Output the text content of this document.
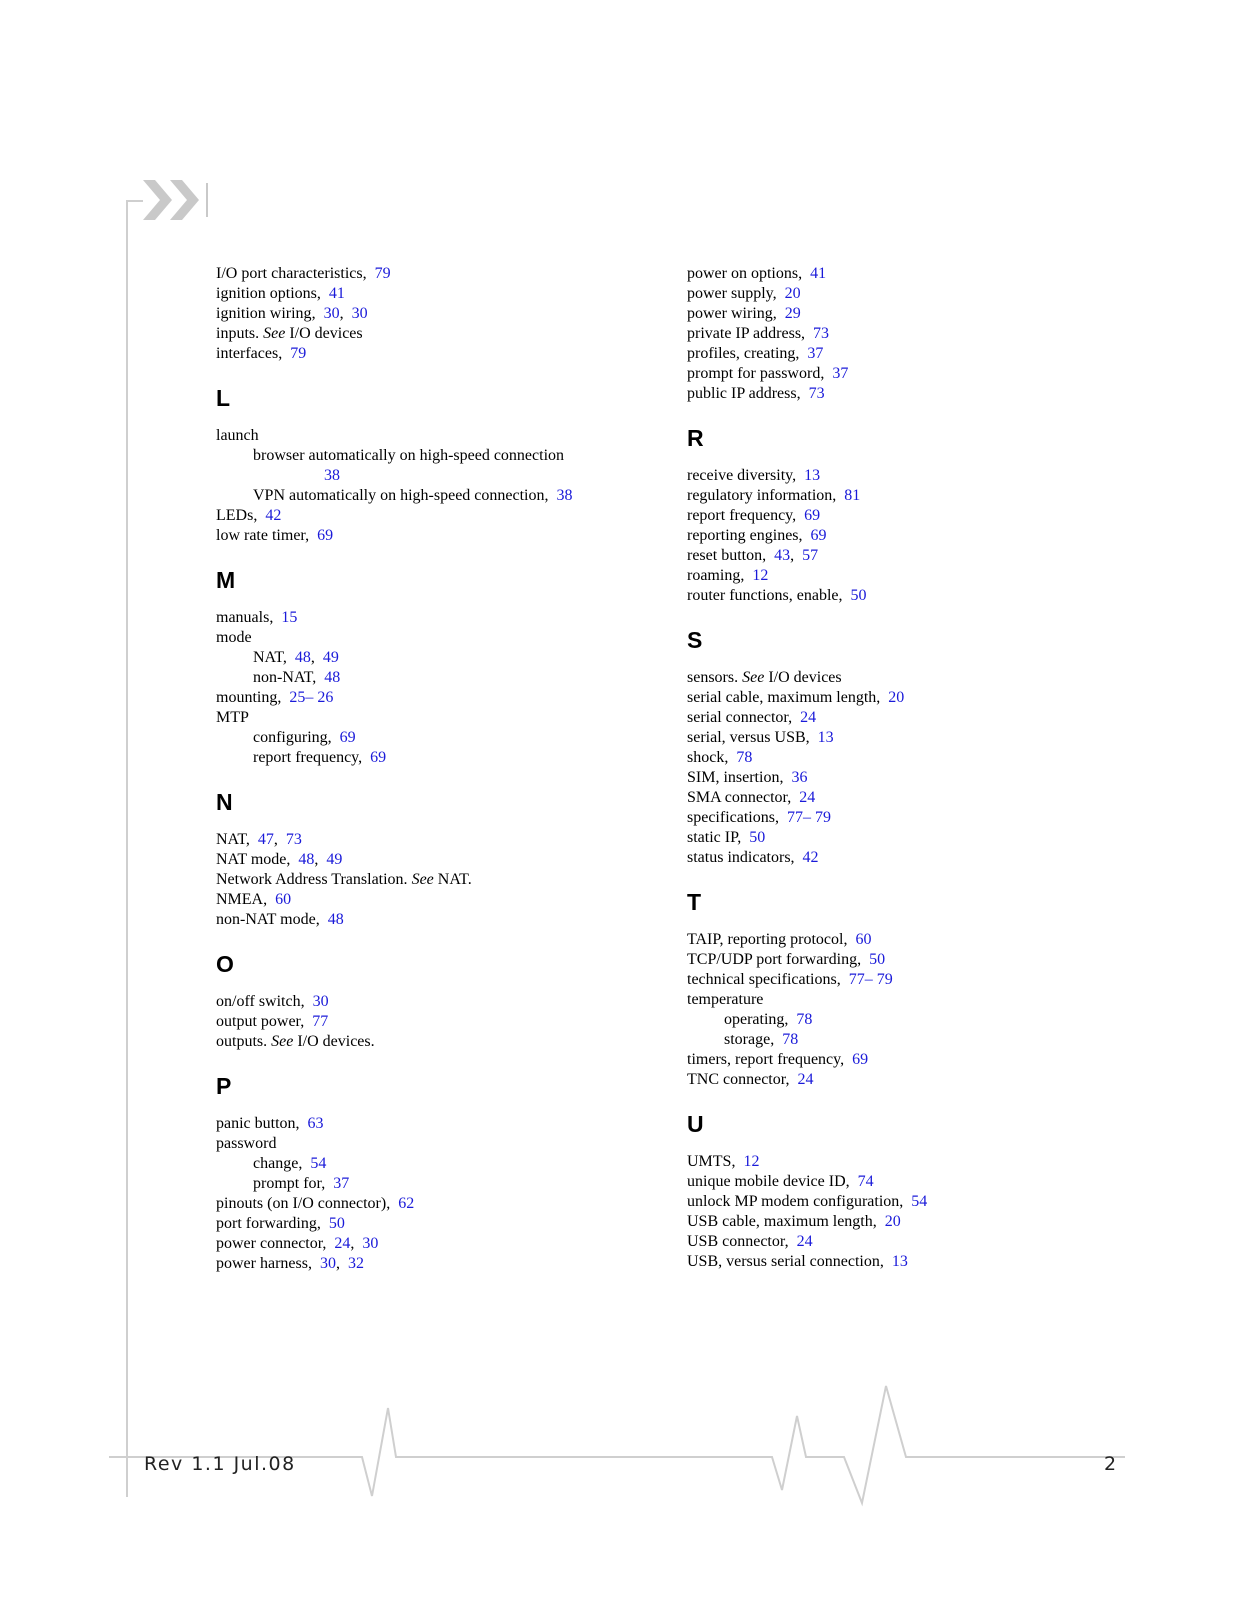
I/O port characteristics,  79
ignition options,  41
ignition wiring,  30,  30
inputs. See I/O devices
interfaces,  79
L
launch
browser automatically on high-speed connection
38
VPN automatically on high-speed connection,  38
LEDs,  42
low rate timer,  69
M
manuals,  15
mode
NAT,  48,  49
non-NAT,  48
mounting,  25– 26
MTP
configuring,  69
report frequency,  69
N
NAT,  47,  73
NAT mode,  48,  49
Network Address Translation. See NAT.
NMEA,  60
non-NAT mode,  48
O
on/off switch,  30
output power,  77
outputs. See I/O devices.
P
panic button,  63
password
change,  54
prompt for,  37
pinouts (on I/O connector),  62
port forwarding,  50
power connector,  24,  30
power harness,  30,  32
power on options,  41
power supply,  20
power wiring,  29
private IP address,  73
profiles, creating,  37
prompt for password,  37
public IP address,  73
R
receive diversity,  13
regulatory information,  81
report frequency,  69
reporting engines,  69
reset button,  43,  57
roaming,  12
router functions, enable,  50
S
sensors. See I/O devices
serial cable, maximum length,  20
serial connector,  24
serial, versus USB,  13
shock,  78
SIM, insertion,  36
SMA connector,  24
specifications,  77– 79
static IP,  50
status indicators,  42
T
TAIP, reporting protocol,  60
TCP/UDP port forwarding,  50
technical specifications,  77– 79
temperature
operating,  78
storage,  78
timers, report frequency,  69
TNC connector,  24
U
UMTS,  12
unique mobile device ID,  74
unlock MP modem configuration,  54
USB cable, maximum length,  20
USB connector,  24
USB, versus serial connection,  13
Rev 1.1 Jul.08	2
